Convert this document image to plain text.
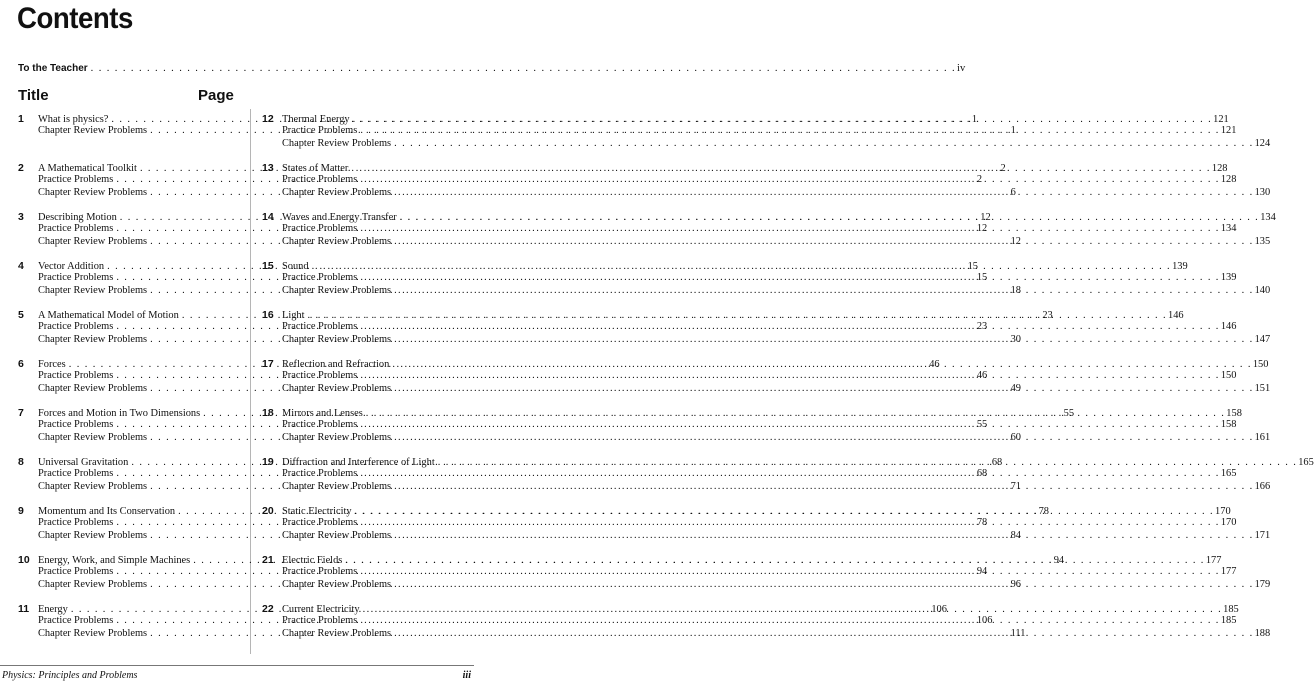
Contents
To the Teacher . . .	iv
Title	Page
1	What is physics? . . .	1
Chapter Review Problems . . .	1
2	A Mathematical Toolkit . . .	2
Practice Problems . . .	2
Chapter Review Problems . . .	6
3	Describing Motion . . .	12
Practice Problems . . .	12
Chapter Review Problems . . .	12
4	Vector Addition . . .	15
Practice Problems . . .	15
Chapter Review Problems . . .	18
5	A Mathematical Model of Motion . . .	23
Practice Problems . . .	23
Chapter Review Problems . . .	30
6	Forces . . .	46
Practice Problems . . .	46
Chapter Review Problems . . .	49
7	Forces and Motion in Two Dimensions . . .	55
Practice Problems . . .	55
Chapter Review Problems . . .	60
8	Universal Gravitation . . .	68
Practice Problems . . .	68
Chapter Review Problems . . .	71
9	Momentum and Its Conservation . . .	78
Practice Problems . . .	78
Chapter Review Problems . . .	84
10 Energy, Work, and Simple Machines . . .	94
Practice Problems . . .	94
Chapter Review Problems . . .	96
11 Energy . . .	106
Practice Problems . . .	106
Chapter Review Problems . . .	111
12 Thermal Energy . . .	121
Practice Problems . . .	121
Chapter Review Problems . . .	124
13 States of Matter . . .	128
Practice Problems . . .	128
Chapter Review Problems . . .	130
14 Waves and Energy Transfer . . .	134
Practice Problems . . .	134
Chapter Review Problems . . .	135
15 Sound . . .	139
Practice Problems . . .	139
Chapter Review Problems . . .	140
16 Light . . .	146
Practice Problems . . .	146
Chapter Review Problems . . .	147
17 Reflection and Refraction . . .	150
Practice Problems . . .	150
Chapter Review Problems . . .	151
18 Mirrors and Lenses . . .	158
Practice Problems . . .	158
Chapter Review Problems . . .	161
19 Diffraction and Interference of Light . . .	165
Practice Problems . . .	165
Chapter Review Problems . . .	166
20 Static Electricity . . .	170
Practice Problems . . .	170
Chapter Review Problems . . .	171
21 Electric Fields . . .	177
Practice Problems . . .	177
Chapter Review Problems . . .	179
22 Current Electricity . . .	185
Practice Problems . . .	185
Chapter Review Problems . . .	188
Physics: Principles and Problems	iii
